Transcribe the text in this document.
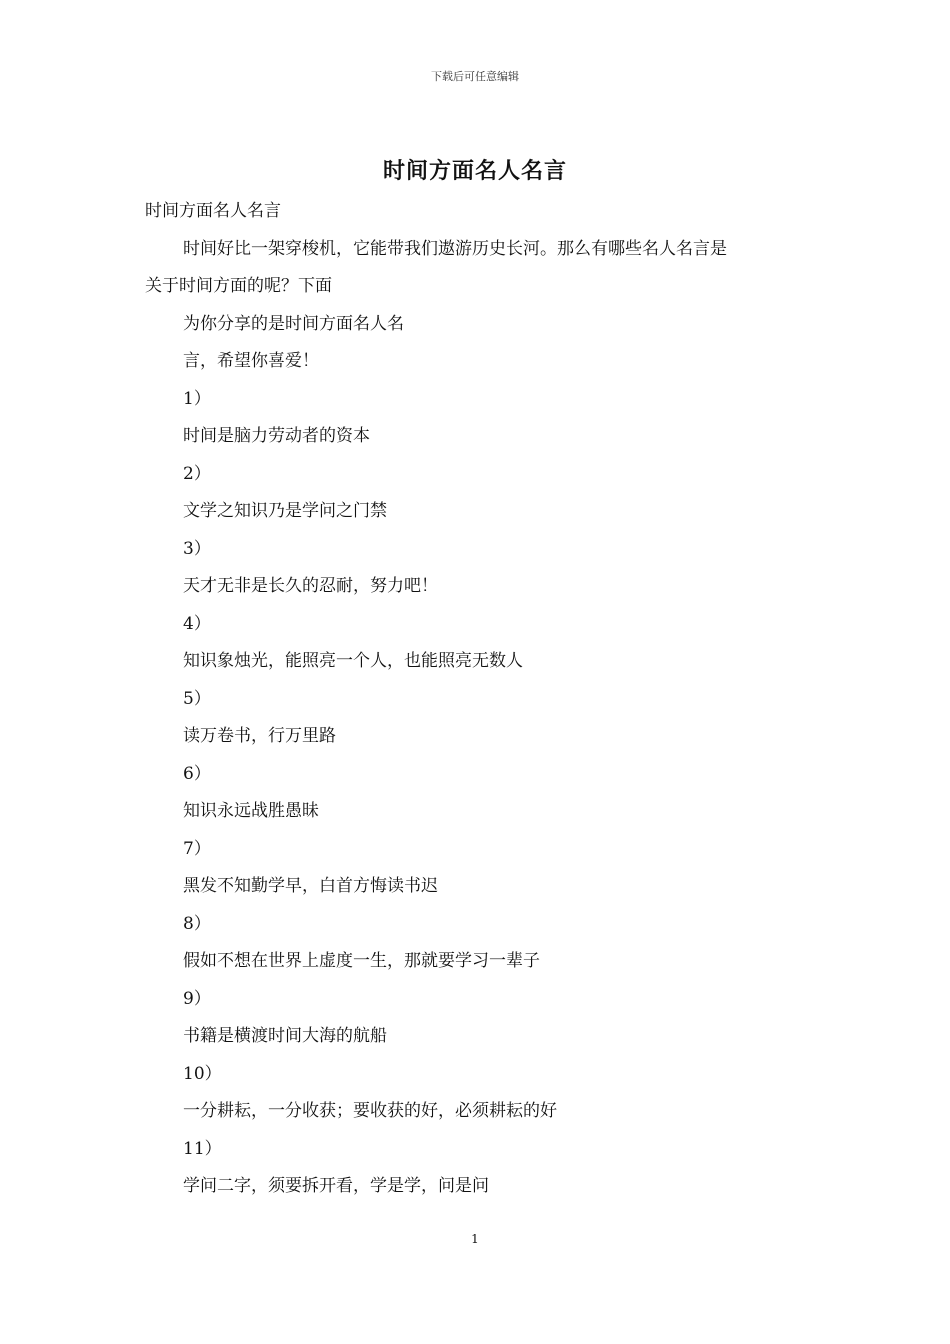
下载后可任意编辑
时间方面名人名言
时间方面名人名言
时间好比一架穿梭机，它能带我们遨游历史长河。那么有哪些名人名言是
关于时间方面的呢？下面
为你分享的是时间方面名人名
言，希望你喜爱！
1）
时间是脑力劳动者的资本
2）
文学之知识乃是学问之门禁
3）
天才无非是长久的忍耐，努力吧！
4）
知识象烛光，能照亮一个人，也能照亮无数人
5）
读万卷书，行万里路
6）
知识永远战胜愚昧
7）
黑发不知勤学早，白首方悔读书迟
8）
假如不想在世界上虚度一生，那就要学习一辈子
9）
书籍是横渡时间大海的航船
10）
一分耕耘，一分收获；要收获的好，必须耕耘的好
11）
学问二字，须要拆开看，学是学，问是问
1
